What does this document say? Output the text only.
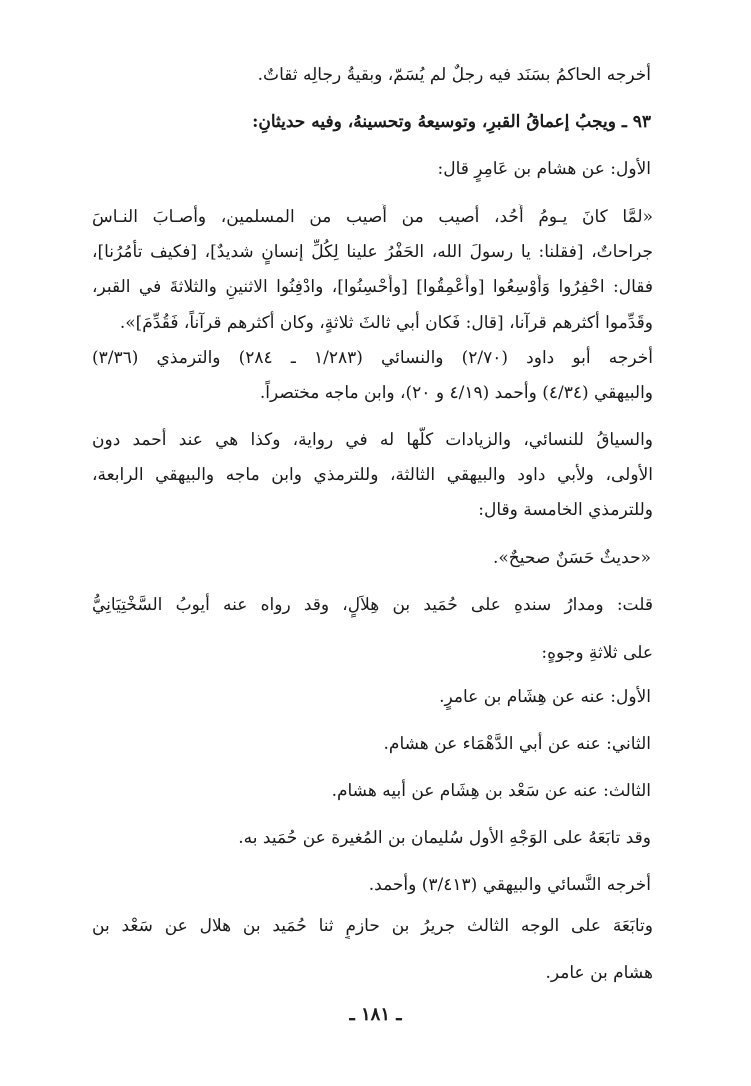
أخرجه الحاكمُ بسَنَد فيه رجلٌ لم يُسَمّ، وبقيةُ رجالِه ثقاتٌ.
٩٣ ـ ويجبُ إعماقُ القبرِ، وتوسيعهُ وتحسينهُ، وفيه حديثانِ:
الأول: عن هشام بن عَامِرٍ قال:
«لمَّا كانَ يـومُ أُحُد، أصيب من أُصيب من المسلمين، وأصـابَ النـاسَ
جراحاتٌ، [فقلنا: يا رسولَ الله، الحَفْرُ علينا لِكُلِّ إنسانٍ شديدٌ]، [فكيف تأمُرُنا]،
فقال: احْفِرُوا وَأَوْسِعُوا [وأَعْمِقُوا] [وأَحْسِنُوا]، وادْفِنُوا الاثنينِ والثلاثةَ في القبر،
وقَدِّموا أكثرهم قرآنا، [قال: فَكان أبي ثالثَ ثلاثةٍ، وكان أكثرهم قرآناً، فَقُدِّمَ]».
أخرجه أبو داود (٢/٧٠) والنسائي (١/٢٨٣ ـ ٢٨٤) والترمذي (٣/٣٦)
والبيهقي (٤/٣٤) وأحمد (٤/١٩ و ٢٠)، وابن ماجه مختصراً.
والسياقُ للنسائي، والزيادات كلُّها له في رواية، وكذا هي عند أحمد دون
الأولى، ولأبي داود والبيهقي الثالثة، وللترمذي وابن ماجه والبيهقي الرابعة،
وللترمذي الخامسة وقال:
«حديثٌ حَسَنٌ صحيحٌ».
قلت: ومدارُ سندهِ على حُمَيد بن هِلاَلٍ، وقد رواه عنه أيوبُ السَّخْتِيَانِيُّ
على ثلاثةِ وجوهٍ:
الأول: عنه عن هِشَام بن عامرٍ.
الثاني: عنه عن أبي الدَّهْمَاء عن هشام.
الثالث: عنه عن سَعْد بن هِشَام عن أبيه هشام.
وقد تابَعَهُ على الوَجْهِ الأول سُليمان بن المُغيرة عن حُمَيد به.
أخرجه النَّسائي والبيهقي (٣/٤١٣) وأحمد.
وتابَعَهَ على الوجه الثالث جريرُ بن حازمٍ ثنا حُمَيد بن هلال عن سَعْد بن
هشام بن عامر.
ـ ١٨١ ـ
